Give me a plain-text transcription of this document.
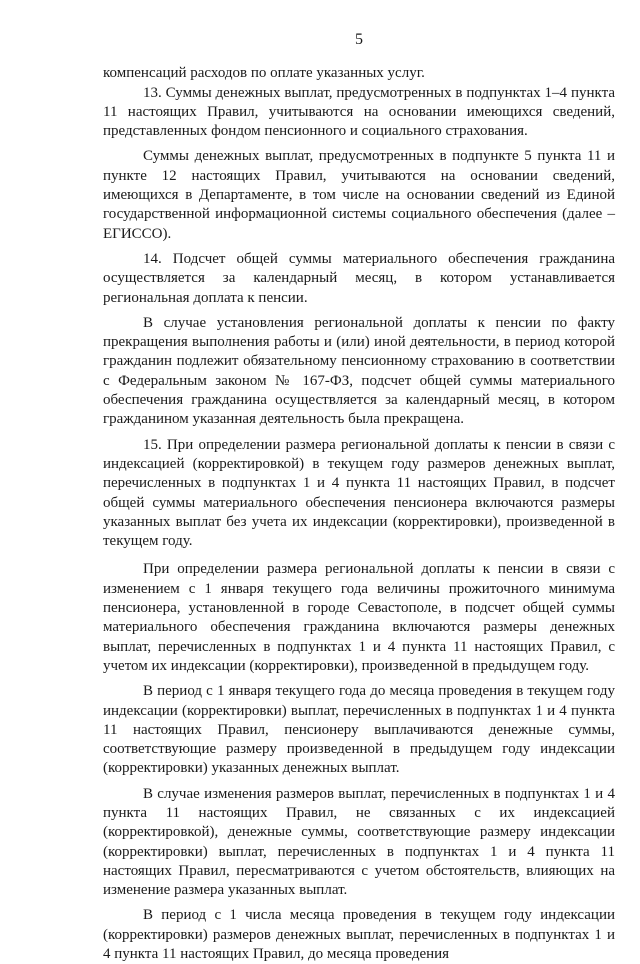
5

компенсаций расходов по оплате указанных услуг.

13. Суммы денежных выплат, предусмотренных в подпунктах 1–4 пункта 11 настоящих Правил, учитываются на основании имеющихся сведений, представленных фондом пенсионного и социального страхования.

Суммы денежных выплат, предусмотренных в подпункте 5 пункта 11 и пункте 12 настоящих Правил, учитываются на основании сведений, имеющихся в Департаменте, в том числе на основании сведений из Единой государственной информационной системы социального обеспечения (далее – ЕГИССО).

14. Подсчет общей суммы материального обеспечения гражданина осуществляется за календарный месяц, в котором устанавливается региональная доплата к пенсии.

В случае установления региональной доплаты к пенсии по факту прекращения выполнения работы и (или) иной деятельности, в период которой гражданин подлежит обязательному пенсионному страхованию в соответствии с Федеральным законом № 167-ФЗ, подсчет общей суммы материального обеспечения гражданина осуществляется за календарный месяц, в котором гражданином указанная деятельность была прекращена.

15. При определении размера региональной доплаты к пенсии в связи с индексацией (корректировкой) в текущем году размеров денежных выплат, перечисленных в подпунктах 1 и 4 пункта 11 настоящих Правил, в подсчет общей суммы материального обеспечения пенсионера включаются размеры указанных выплат без учета их индексации (корректировки), произведенной в текущем году.

При определении размера региональной доплаты к пенсии в связи с изменением с 1 января текущего года величины прожиточного минимума пенсионера, установленной в городе Севастополе, в подсчет общей суммы материального обеспечения гражданина включаются размеры денежных выплат, перечисленных в подпунктах 1 и 4 пункта 11 настоящих Правил, с учетом их индексации (корректировки), произведенной в предыдущем году.

В период с 1 января текущего года до месяца проведения в текущем году индексации (корректировки) выплат, перечисленных в подпунктах 1 и 4 пункта 11 настоящих Правил, пенсионеру выплачиваются денежные суммы, соответствующие размеру произведенной в предыдущем году индексации (корректировки) указанных денежных выплат.

В случае изменения размеров выплат, перечисленных в подпунктах 1 и 4 пункта 11 настоящих Правил, не связанных с их индексацией (корректировкой), денежные суммы, соответствующие размеру индексации (корректировки) выплат, перечисленных в подпунктах 1 и 4 пункта 11 настоящих Правил, пересматриваются с учетом обстоятельств, влияющих на изменение размера указанных выплат.

В период с 1 числа месяца проведения в текущем году индексации (корректировки) размеров денежных выплат, перечисленных в подпунктах 1 и 4 пункта 11 настоящих Правил, до месяца проведения
